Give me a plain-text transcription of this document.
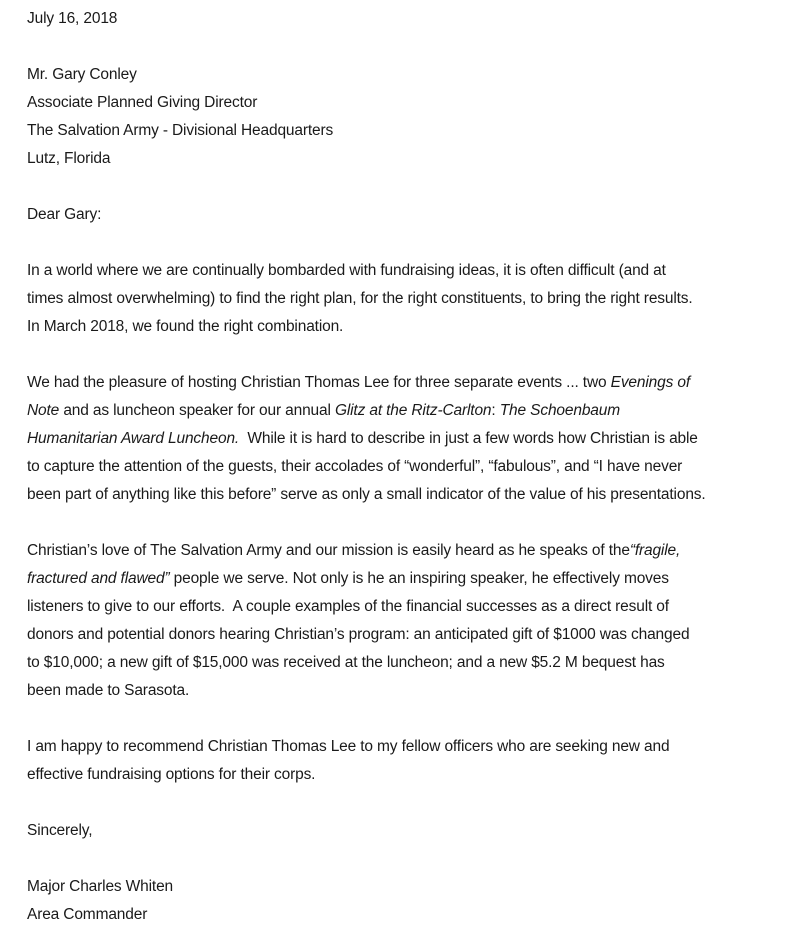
July 16, 2018
Mr. Gary Conley
Associate Planned Giving Director
The Salvation Army - Divisional Headquarters
Lutz, Florida
Dear Gary:
In a world where we are continually bombarded with fundraising ideas, it is often difficult (and at
times almost overwhelming) to find the right plan, for the right constituents, to bring the right results.
In March 2018, we found the right combination.
We had the pleasure of hosting Christian Thomas Lee for three separate events ... two Evenings of
Note and as luncheon speaker for our annual Glitz at the Ritz-Carlton: The Schoenbaum
Humanitarian Award Luncheon.  While it is hard to describe in just a few words how Christian is able
to capture the attention of the guests, their accolades of “wonderful”, “fabulous”, and “I have never
been part of anything like this before” serve as only a small indicator of the value of his presentations.
Christian’s love of The Salvation Army and our mission is easily heard as he speaks of the“fragile,
fractured and flawed” people we serve. Not only is he an inspiring speaker, he effectively moves
listeners to give to our efforts.  A couple examples of the financial successes as a direct result of
donors and potential donors hearing Christian’s program: an anticipated gift of $1000 was changed
to $10,000; a new gift of $15,000 was received at the luncheon; and a new $5.2 M bequest has
been made to Sarasota.
I am happy to recommend Christian Thomas Lee to my fellow officers who are seeking new and
effective fundraising options for their corps.
Sincerely,
Major Charles Whiten
Area Commander
